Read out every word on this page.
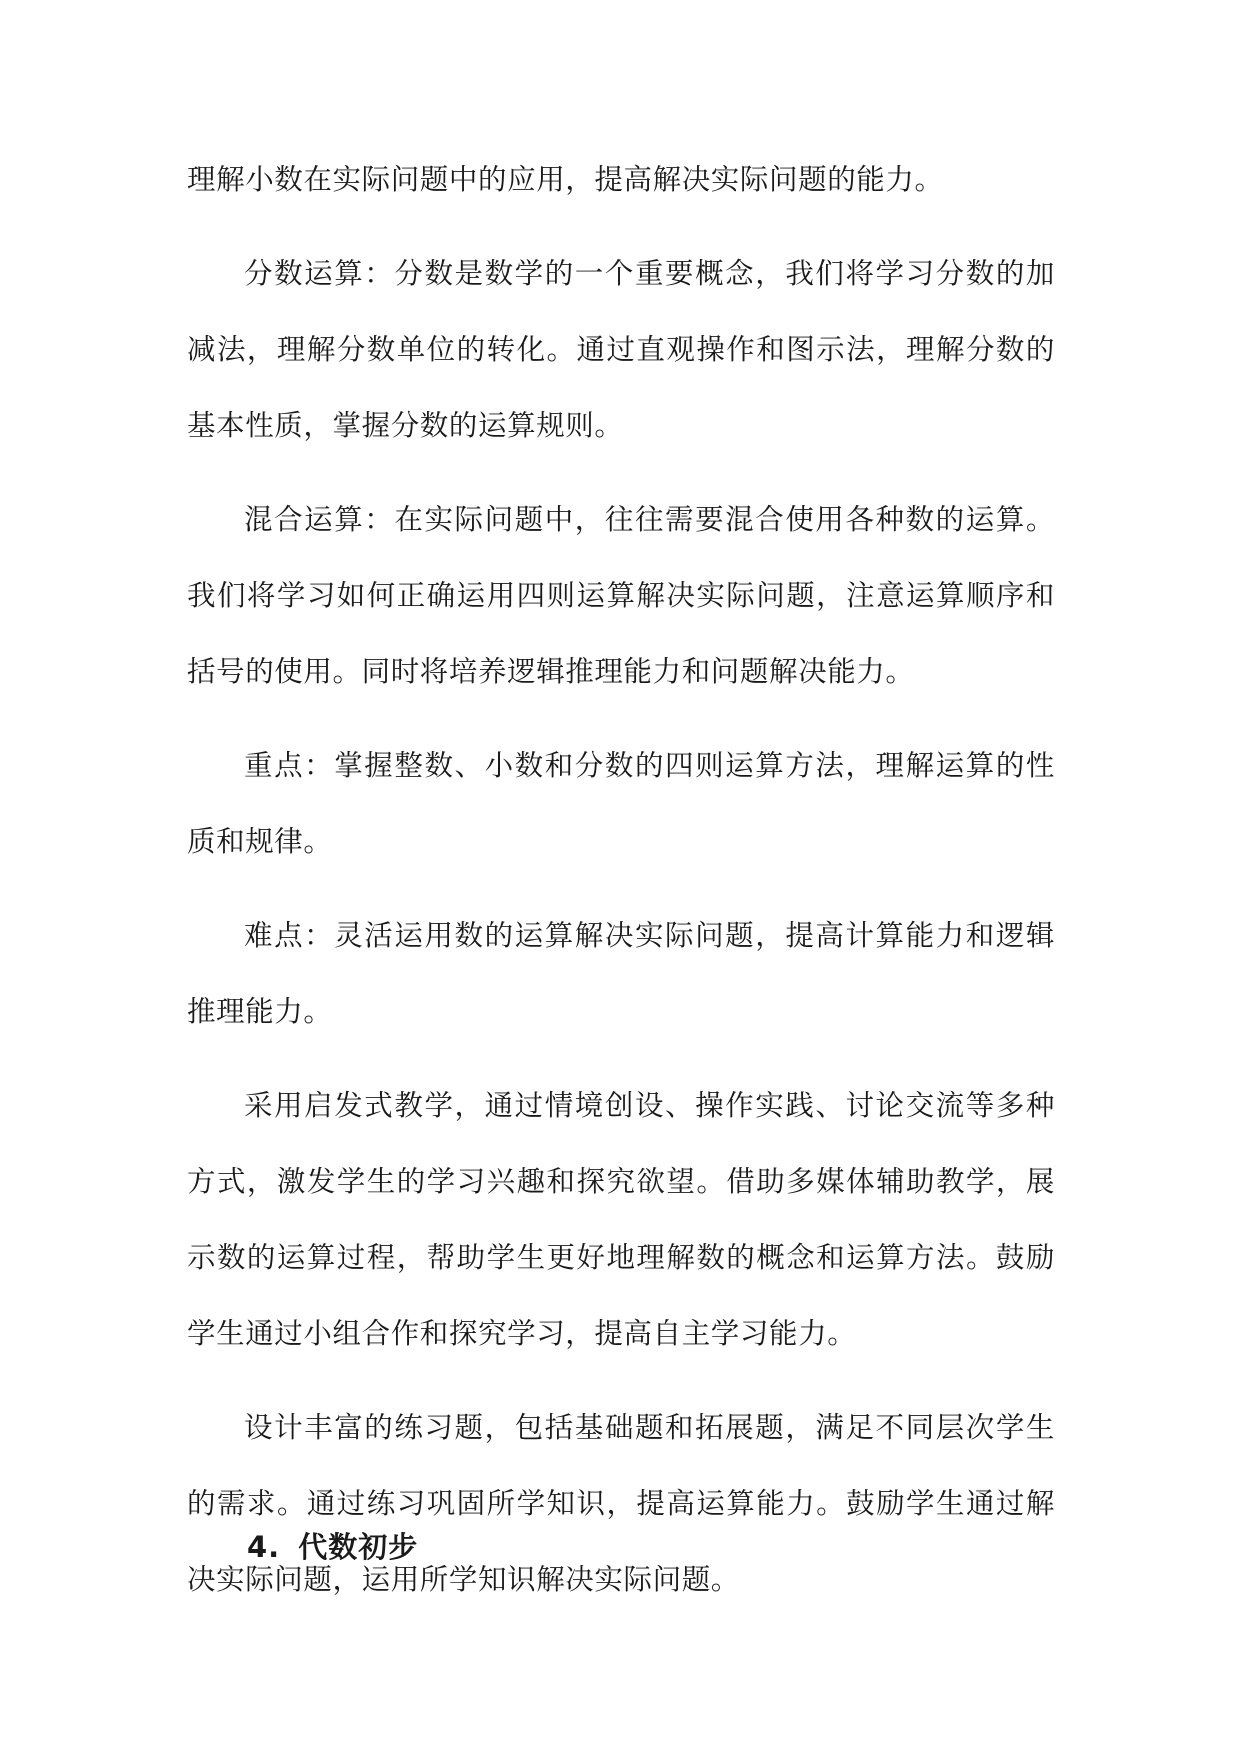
理解小数在实际问题中的应用，提高解决实际问题的能力。

分数运算：分数是数学的一个重要概念，我们将学习分数的加减法，理解分数单位的转化。通过直观操作和图示法，理解分数的基本性质，掌握分数的运算规则。

混合运算：在实际问题中，往往需要混合使用各种数的运算。我们将学习如何正确运用四则运算解决实际问题，注意运算顺序和括号的使用。同时将培养逻辑推理能力和问题解决能力。

重点：掌握整数、小数和分数的四则运算方法，理解运算的性质和规律。

难点：灵活运用数的运算解决实际问题，提高计算能力和逻辑推理能力。

采用启发式教学，通过情境创设、操作实践、讨论交流等多种方式，激发学生的学习兴趣和探究欲望。借助多媒体辅助教学，展示数的运算过程，帮助学生更好地理解数的概念和运算方法。鼓励学生通过小组合作和探究学习，提高自主学习能力。

设计丰富的练习题，包括基础题和拓展题，满足不同层次学生的需求。通过练习巩固所学知识，提高运算能力。鼓励学生通过解决实际问题，运用所学知识解决实际问题。

4. 代数初步
